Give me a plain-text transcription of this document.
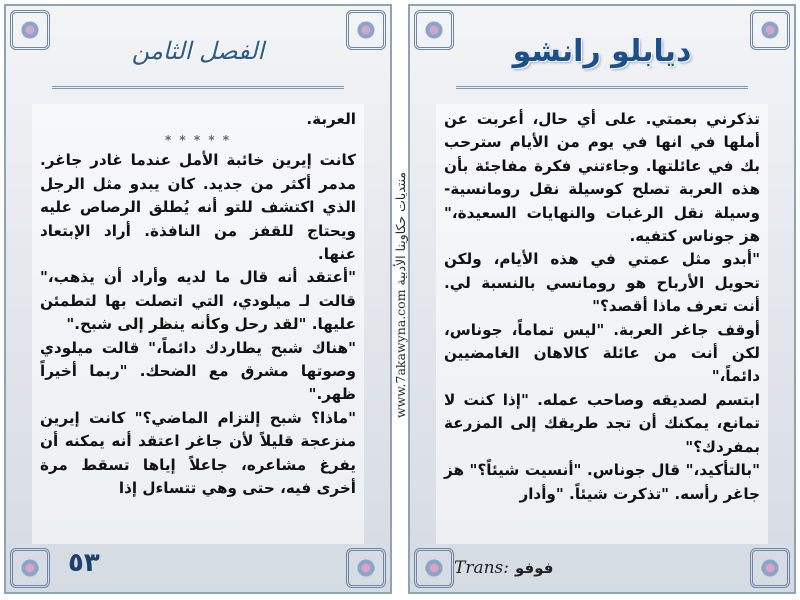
ديابلو رانشو

تذكرني بعمتي. على أي حال، أعربت عن أملها في انها في يوم من الأيام سترحب بك في عائلتها. وجاءتني فكرة مفاجئة بأن هذه العربة تصلح كوسيلة نقل رومانسية- وسيلة نقل الرغبات والنهايات السعيدة،" هز جوناس كتفيه.

"أبدو مثل عمتي في هذه الأيام، ولكن تحويل الأرباح هو رومانسي بالنسبة لي. أنت تعرف ماذا أقصد؟"

أوقف جاغر العربة. "ليس تماماً، جوناس، لكن أنت من عائلة كالاهان الغامضيين دائماً،"

ابتسم لصديقه وصاحب عمله. "إذا كنت لا تمانع، يمكنك أن تجد طريقك إلى المزرعة بمفردك؟"

"بالتأكيد،" قال جوناس. "أنسيت شيئاً؟" هز جاغر رأسه. "تذكرت شيئاً. "وأدار

Trans: فوفو
www.7akawyna.com منتديات حكاوينا الأدبية
الفصل الثامن

العربة.

* * * * *

كانت إيرين خائبة الأمل عندما غادر جاغر. مدمر أكثر من جديد. كان يبدو مثل الرجل الذي اكتشف للتو أنه يُطلق الرصاص عليه ويحتاج للقفز من النافذة. أراد الإبتعاد عنها.

"أعتقد أنه قال ما لديه وأراد أن يذهب،" قالت لـ ميلودي، التي اتصلت بها لتطمئن عليها. "لقد رحل وكأنه ينظر إلى شبح."

"هناك شبح يطاردك دائماً،" قالت ميلودي وصوتها مشرق مع الضحك. "ربما أخيراً ظهر."

"ماذا؟ شبح إلتزام الماضي؟" كانت إيرين منزعجة قليلاً لأن جاغر اعتقد أنه يمكنه أن يفرغ مشاعره، جاعلاً إياها تسقط مرة أخرى فيه، حتى وهي تتساءل إذا

٥٣
